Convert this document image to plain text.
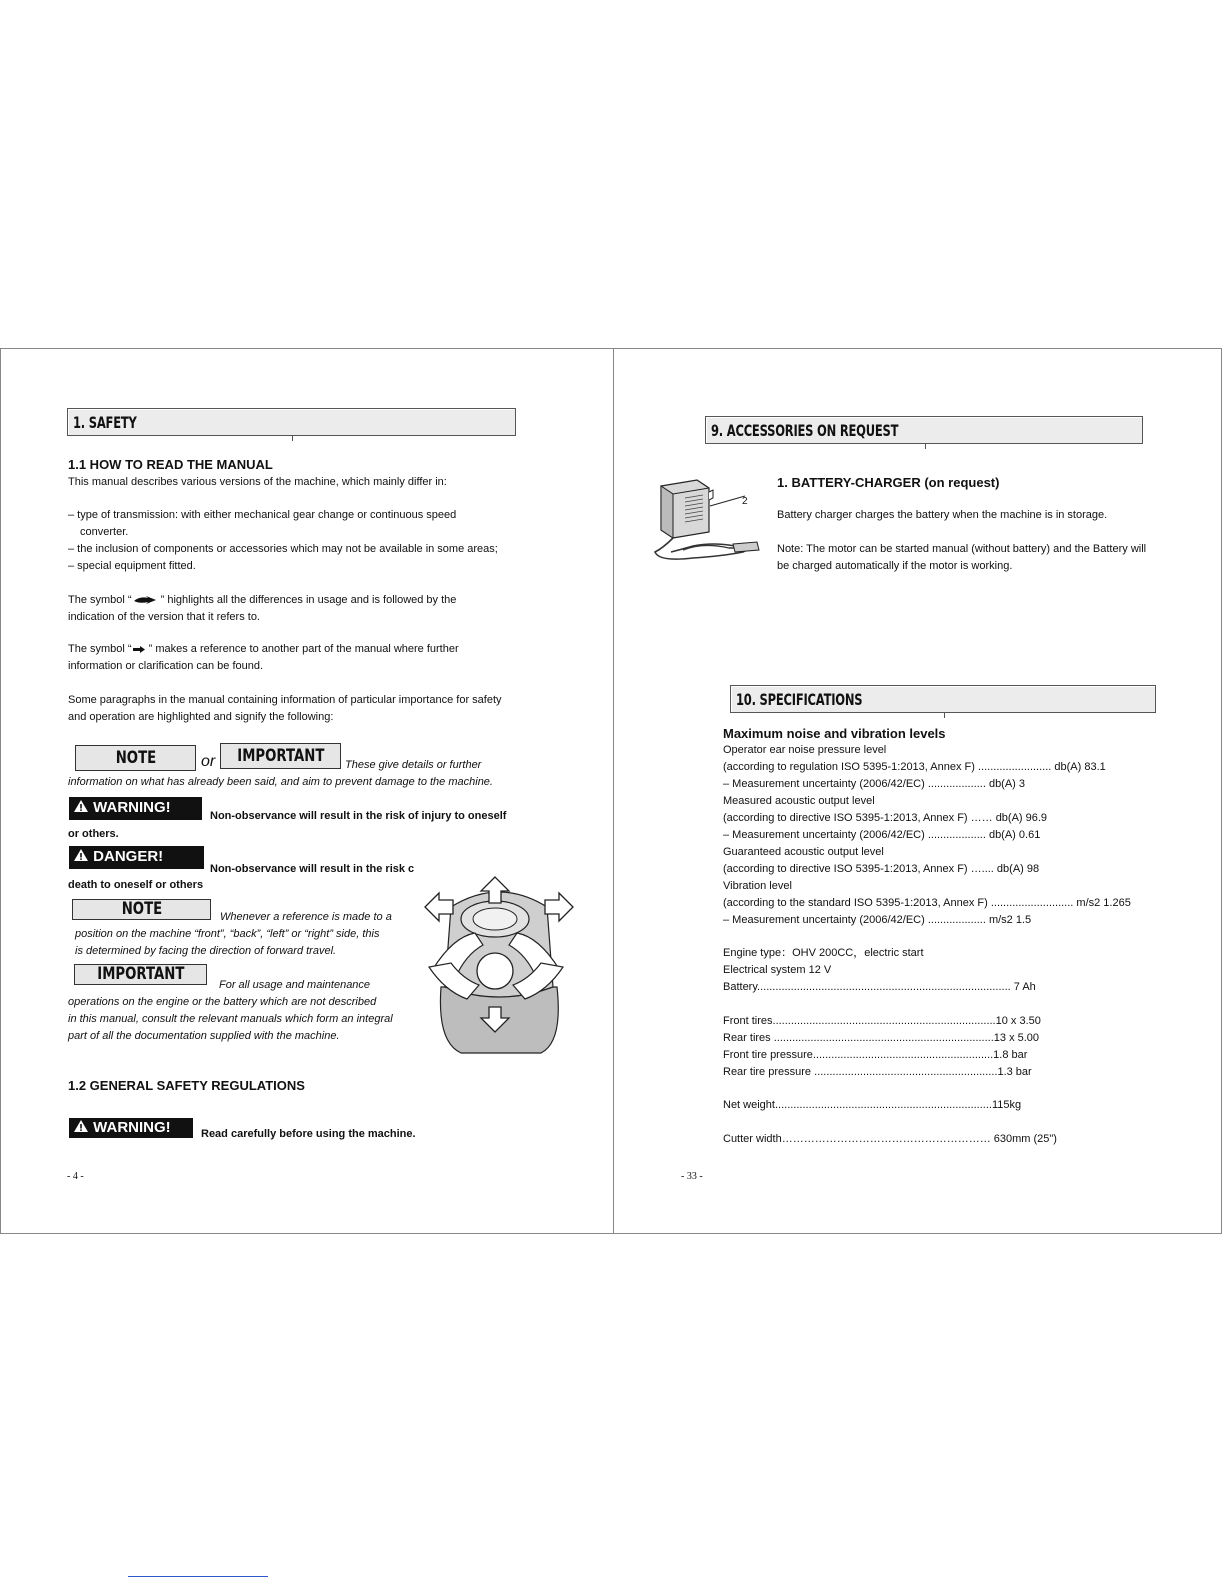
1. SAFETY
1.1 HOW TO READ THE MANUAL
This manual describes various versions of the machine, which mainly differ in:
– type of transmission: with either mechanical gear change or continuous speed
converter.
– the inclusion of components or accessories which may not be available in some areas;
– special equipment fitted.
The symbol “ ” highlights all the differences in usage and is followed by the
indication of the version that it refers to.
The symbol “ ” makes a reference to another part of the manual where further
information or clarification can be found.
Some paragraphs in the manual containing information of particular importance for safety
and operation are highlighted and signify the following:
NOTE	or	IMPORTANT	These give details or further
information on what has already been said, and aim to prevent damage to the machine.
WARNING!	Non-observance will result in the risk of injury to oneself
or others.
DANGER!
Non-observance will result in the risk c
death to oneself or others
NOTE	Whenever a reference is made to a
position on the machine “front”, “back”, “left” or “right” side, this
is determined by facing the direction of forward travel.
IMPORTANT
For all usage and maintenance
operations on the engine or the battery which are not described
in this manual, consult the relevant manuals which form an integral
part of all the documentation supplied with the machine.
1.2 GENERAL SAFETY REGULATIONS
WARNING!	Read carefully before using the machine.
- 4 -
9. ACCESSORIES ON REQUEST
2
1. BATTERY-CHARGER (on request)
Battery charger charges the battery when the machine is in storage.
Note: The motor can be started manual (without battery) and the Battery will
be charged automatically if the motor is working.
10. SPECIFICATIONS
Maximum noise and vibration levels
Operator ear noise pressure level
(according to regulation ISO 5395-1:2013, Annex F) ........................ db(A) 83.1
– Measurement uncertainty (2006/42/EC) ................... db(A) 3
Measured acoustic output level
(according to directive ISO 5395-1:2013, Annex F) …… db(A) 96.9
– Measurement uncertainty (2006/42/EC) ................... db(A) 0.61
Guaranteed acoustic output level
(according to directive ISO 5395-1:2013, Annex F) ….... db(A) 98
Vibration level
(according to the standard ISO 5395-1:2013, Annex F) ........................... m/s2 1.265
– Measurement uncertainty (2006/42/EC) ................... m/s2 1.5
Engine type：OHV 200CC，electric start
Electrical system 12 V
Battery................................................................................... 7 Ah
Front tires.........................................................................10 x 3.50
Rear tires ........................................................................13 x 5.00
Front tire pressure...........................................................1.8 bar
Rear tire pressure ............................................................1.3 bar
Net weight.......................................................................115kg
Cutter width………………………………………………… 630mm (25")
- 33 -
